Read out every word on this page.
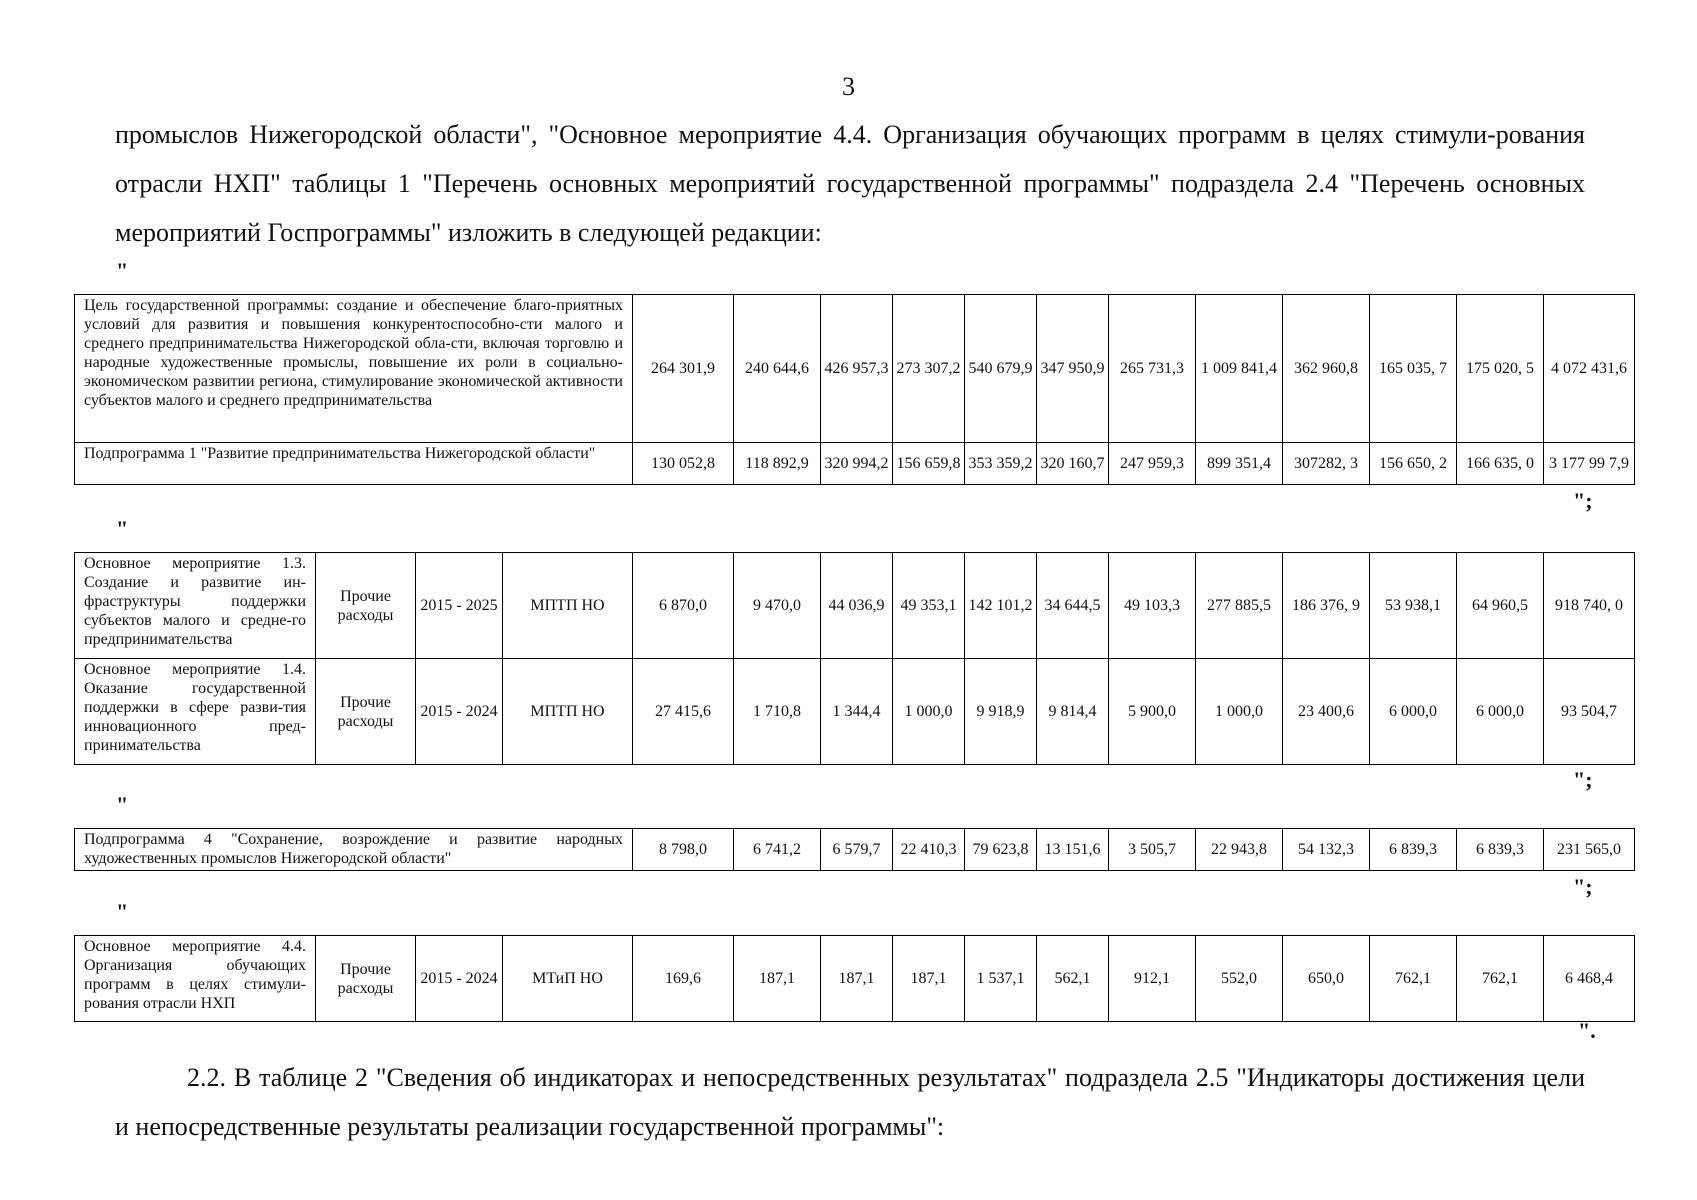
3
промыслов Нижегородской области", "Основное мероприятие 4.4. Организация обучающих программ в целях стимули-рования отрасли НХП" таблицы 1 "Перечень основных мероприятий государственной программы" подраздела 2.4 "Перечень основных мероприятий Госпрограммы" изложить в следующей редакции:
"
Цель государственной программы: создание и обеспечение благо-приятных условий для развития и повышения конкурентоспособно-сти малого и среднего предпринимательства Нижегородской обла-сти, включая торговлю и народные художественные промыслы, повышение их роли в социально-экономическом развитии региона, стимулирование экономической активности субъектов малого и среднего предпринимательства	264 301,9	240 644,6	426 957,3	273 307,2	540 679,9	347 950,9	265 731,3	1 009 841,4	362 960,8	165 035, 7	175 020, 5	4 072 431,6
Подпрограмма 1 "Развитие предпринимательства Нижегородской области"	130 052,8	118 892,9	320 994,2	156 659,8	353 359,2	320 160,7	247 959,3	899 351,4	307282, 3	156 650, 2	166 635, 0	3 177 99 7,9
";
"
Основное мероприятие 1.3. Создание и развитие ин-фраструктуры поддержки субъектов малого и средне-го предпринимательства	Прочие расходы	2015 - 2025	МПТП НО	6 870,0	9 470,0	44 036,9	49 353,1	142 101,2	34 644,5	49 103,3	277 885,5	186 376, 9	53 938,1	64 960,5	918 740, 0
Основное мероприятие 1.4. Оказание государственной поддержки в сфере разви-тия инновационного пред-принимательства	Прочие расходы	2015 - 2024	МПТП НО	27 415,6	1 710,8	1 344,4	1 000,0	9 918,9	9 814,4	5 900,0	1 000,0	23 400,6	6 000,0	6 000,0	93 504,7
";
"
Подпрограмма 4 "Сохранение, возрождение и развитие народных художественных промыслов Нижегородской области"	8 798,0	6 741,2	6 579,7	22 410,3	79 623,8	13 151,6	3 505,7	22 943,8	54 132,3	6 839,3	6 839,3	231 565,0
";
"
Основное мероприятие 4.4. Организация обучающих программ в целях стимули-рования отрасли НХП	Прочие расходы	2015 - 2024	МТиП НО	169,6	187,1	187,1	187,1	1 537,1	562,1	912,1	552,0	650,0	762,1	762,1	6 468,4
".
2.2. В таблице 2 "Сведения об индикаторах и непосредственных результатах" подраздела 2.5 "Индикаторы достижения цели и непосредственные результаты реализации государственной программы":
